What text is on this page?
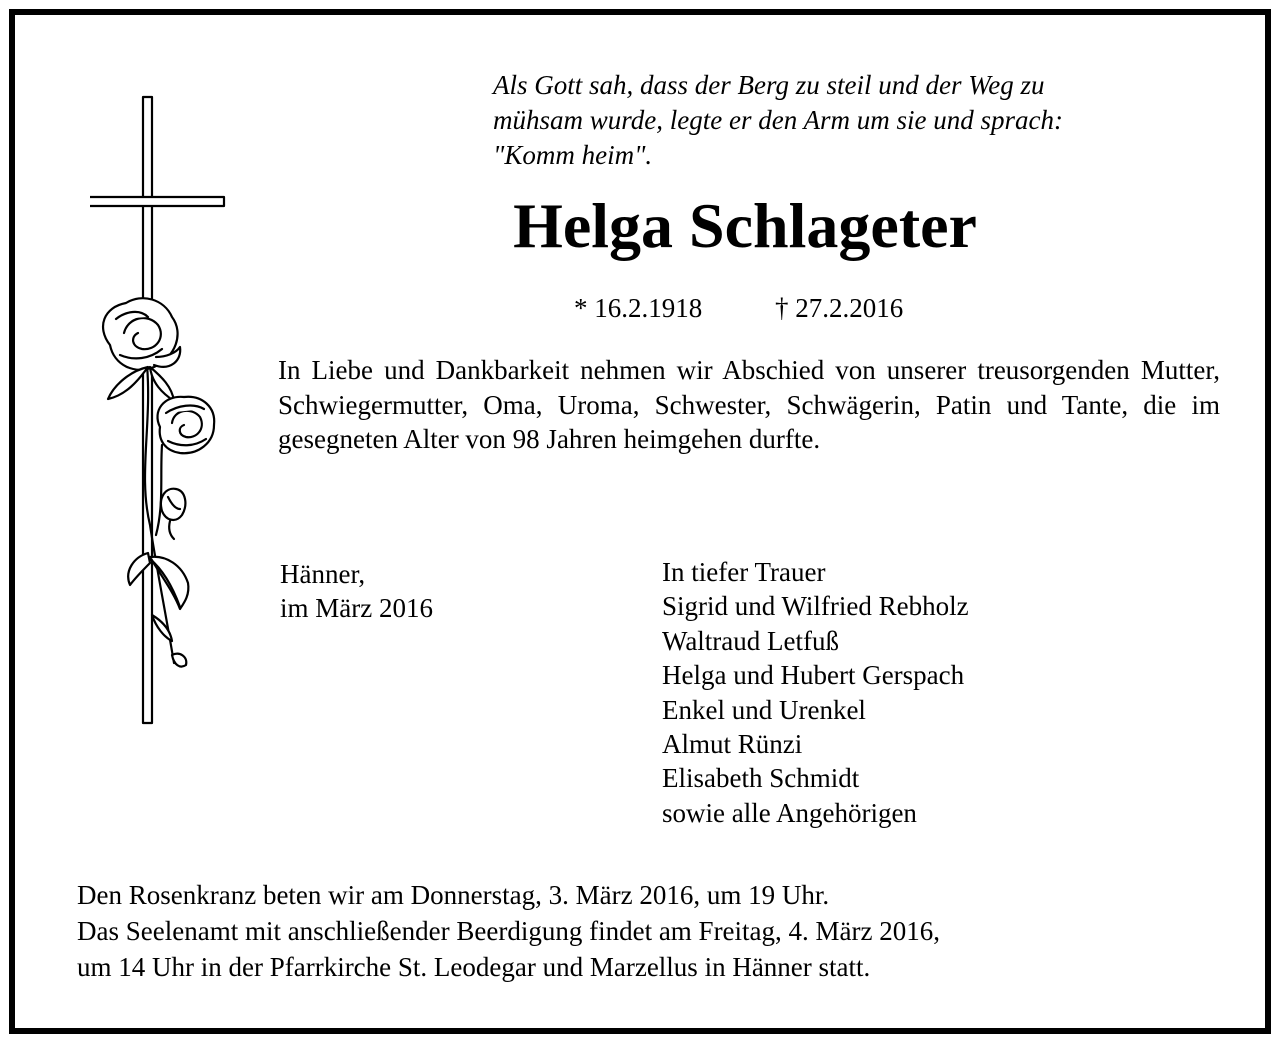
Als Gott sah, dass der Berg zu steil und der Weg zu
mühsam wurde, legte er den Arm um sie und sprach:
"Komm heim".
Helga Schlageter
* 16.2.1918	† 27.2.2016

In Liebe und Dankbarkeit nehmen wir Abschied von unserer treusorgenden Mutter, Schwiegermutter, Oma, Uroma, Schwester, Schwägerin, Patin und Tante, die im gesegneten Alter von 98 Jahren heimgehen durfte.

Hänner,
im März 2016
In tiefer Trauer
Sigrid und Wilfried Rebholz
Waltraud Letfuß
Helga und Hubert Gerspach
Enkel und Urenkel
Almut Rünzi
Elisabeth Schmidt
sowie alle Angehörigen
Den Rosenkranz beten wir am Donnerstag, 3. März 2016, um 19 Uhr.
Das Seelenamt mit anschließender Beerdigung findet am Freitag, 4. März 2016,
um 14 Uhr in der Pfarrkirche St. Leodegar und Marzellus in Hänner statt.
